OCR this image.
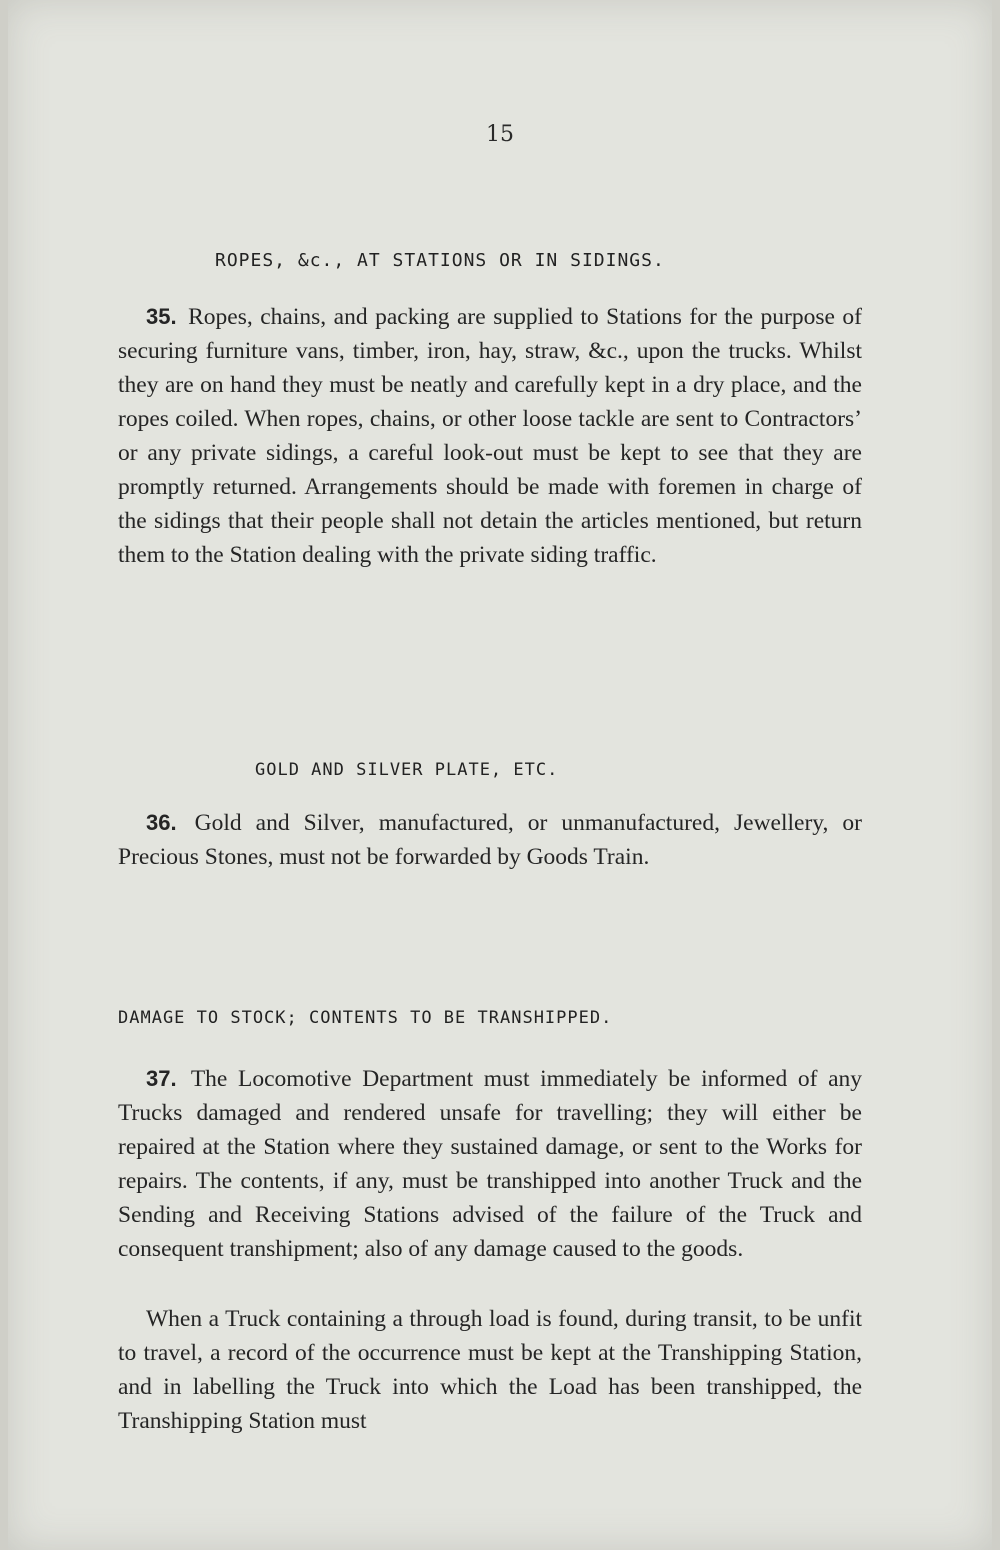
15
ROPES, &c., AT STATIONS OR IN SIDINGS.

35. Ropes, chains, and packing are supplied to Stations for the purpose of securing furniture vans, timber, iron, hay, straw, &c., upon the trucks. Whilst they are on hand they must be neatly and carefully kept in a dry place, and the ropes coiled. When ropes, chains, or other loose tackle are sent to Contractors’ or any private sidings, a careful look-out must be kept to see that they are promptly returned. Arrangements should be made with foremen in charge of the sidings that their people shall not detain the articles mentioned, but return them to the Station dealing with the private siding traffic.

GOLD AND SILVER PLATE, ETC.

36. Gold and Silver, manufactured, or unmanufactured, Jewellery, or Precious Stones, must not be forwarded by Goods Train.

DAMAGE TO STOCK; CONTENTS TO BE TRANSHIPPED.

37. The Locomotive Department must immediately be informed of any Trucks damaged and rendered unsafe for travelling; they will either be repaired at the Station where they sustained damage, or sent to the Works for repairs. The contents, if any, must be transhipped into another Truck and the Sending and Receiving Stations advised of the failure of the Truck and consequent transhipment; also of any damage caused to the goods.

When a Truck containing a through load is found, during transit, to be unfit to travel, a record of the occurrence must be kept at the Transhipping Station, and in labelling the Truck into which the Load has been transhipped, the Transhipping Station must
